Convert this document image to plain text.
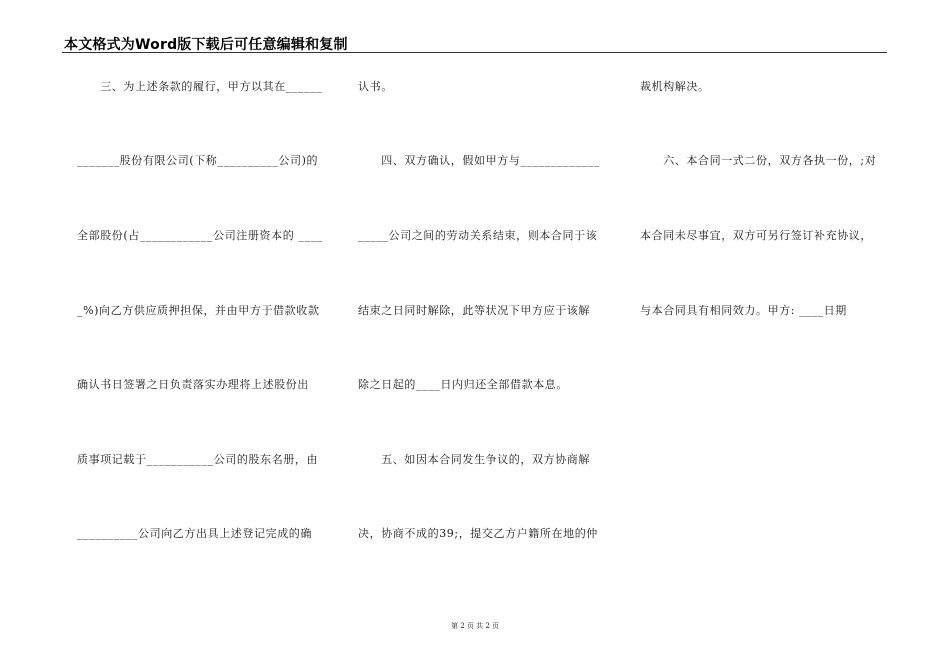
本文格式为Word版下载后可任意编辑和复制
　　三、为上述条款的履行，甲方以其在______
_______股份有限公司(下称__________公司)的
全部股份(占____________公司注册资本的 ____
_%)向乙方供应质押担保，并由甲方于借款收款
确认书日签署之日负责落实办理将上述股份出
质事项记载于___________公司的股东名册，由
__________公司向乙方出具上述登记完成的确
认书。
　　四、双方确认，假如甲方与_____________
_____公司之间的劳动关系结束，则本合同于该
结束之日同时解除，此等状况下甲方应于该解
除之日起的____日内归还全部借款本息。
　　五、如因本合同发生争议的，双方协商解
决，协商不成的39;，提交乙方户籍所在地的仲
裁机构解决。
　　六、本合同一式二份，双方各执一份，;对
本合同未尽事宜，双方可另行签订补充协议，
与本合同具有相同效力。甲方: ____日期
第 2 页 共 2 页
